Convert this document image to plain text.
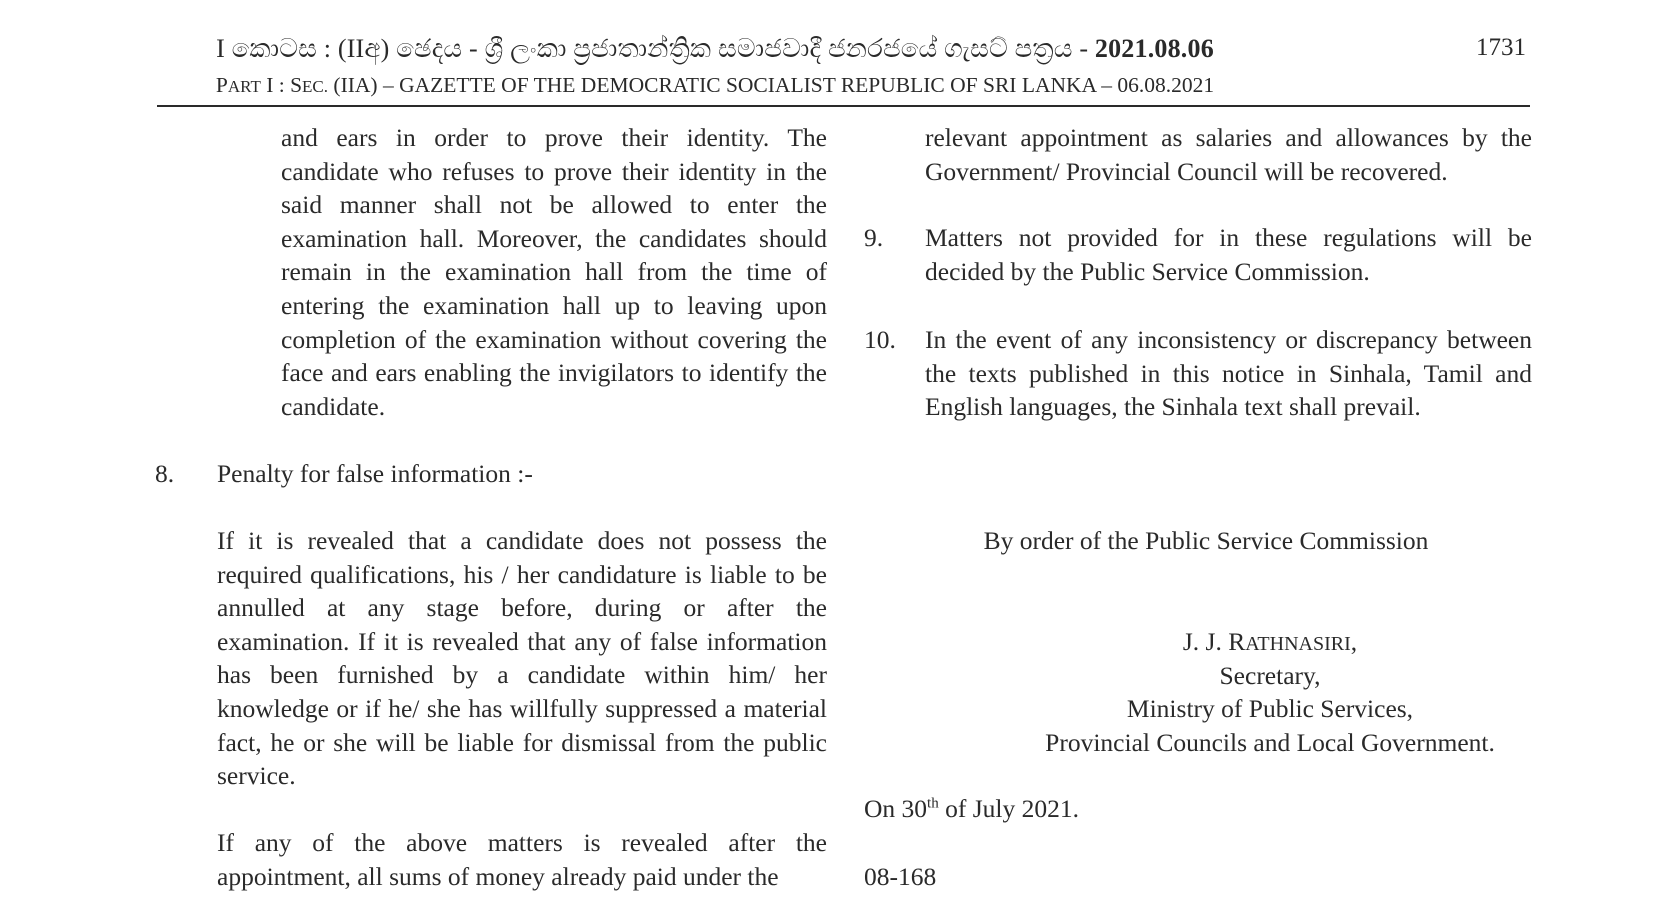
I කොටස : (IIඅ) ඡෙදය - ශ්‍රී ලංකා ප්‍රජාතාන්ත්‍රික සමාජවාදී ජනරජයේ ගැසට් පත්‍රය - 2021.08.06	1731
PART I : SEC. (IIA) – GAZETTE OF THE DEMOCRATIC SOCIALIST REPUBLIC OF SRI LANKA – 06.08.2021
and ears in order to prove their identity. The candidate who refuses to prove their identity in the said manner shall not be allowed to enter the examination hall. Moreover, the candidates should remain in the examination hall from the time of entering the examination hall up to leaving upon completion of the examination without covering the face and ears enabling the invigilators to identify the candidate.
8. Penalty for false information :-
If it is revealed that a candidate does not possess the required qualifications, his / her candidature is liable to be annulled at any stage before, during or after the examination. If it is revealed that any of false information has been furnished by a candidate within him/ her knowledge or if he/ she has willfully suppressed a material fact, he or she will be liable for dismissal from the public service.
If any of the above matters is revealed after the appointment, all sums of money already paid under the
relevant appointment as salaries and allowances by the Government/ Provincial Council will be recovered.
9. Matters not provided for in these regulations will be decided by the Public Service Commission.
10. In the event of any inconsistency or discrepancy between the texts published in this notice in Sinhala, Tamil and English languages, the Sinhala text shall prevail.
By order of the Public Service Commission
J. J. RATHNASIRI,
Secretary,
Ministry of Public Services,
Provincial Councils and Local Government.
On 30th of July 2021.
08-168
